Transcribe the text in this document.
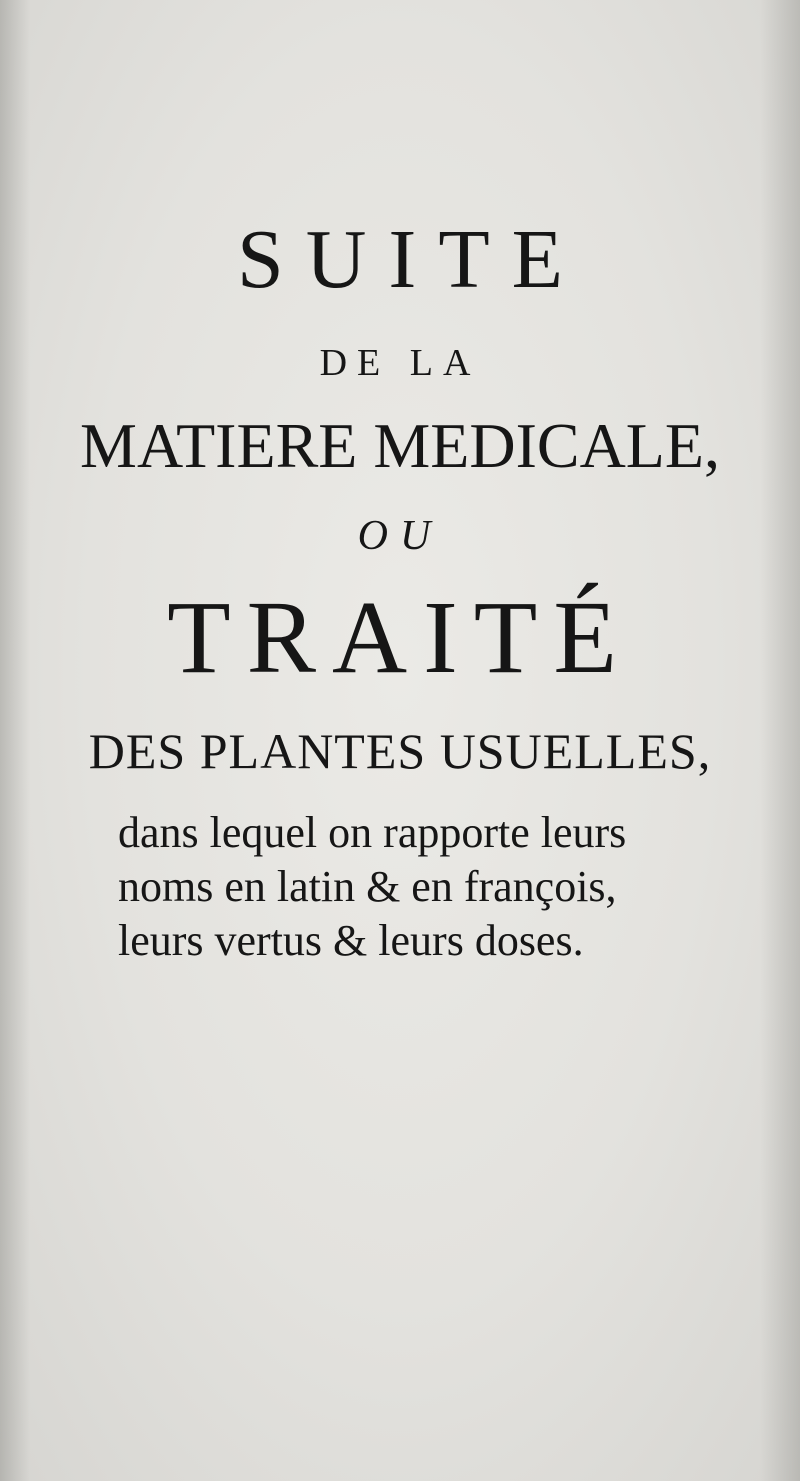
SUITE
DE LA
MATIERE MEDICALE,
OU
TRAITÉ
DES PLANTES USUELLES,
dans lequel on rapporte leurs
noms en latin & en françois,
leurs vertus & leurs doses.
